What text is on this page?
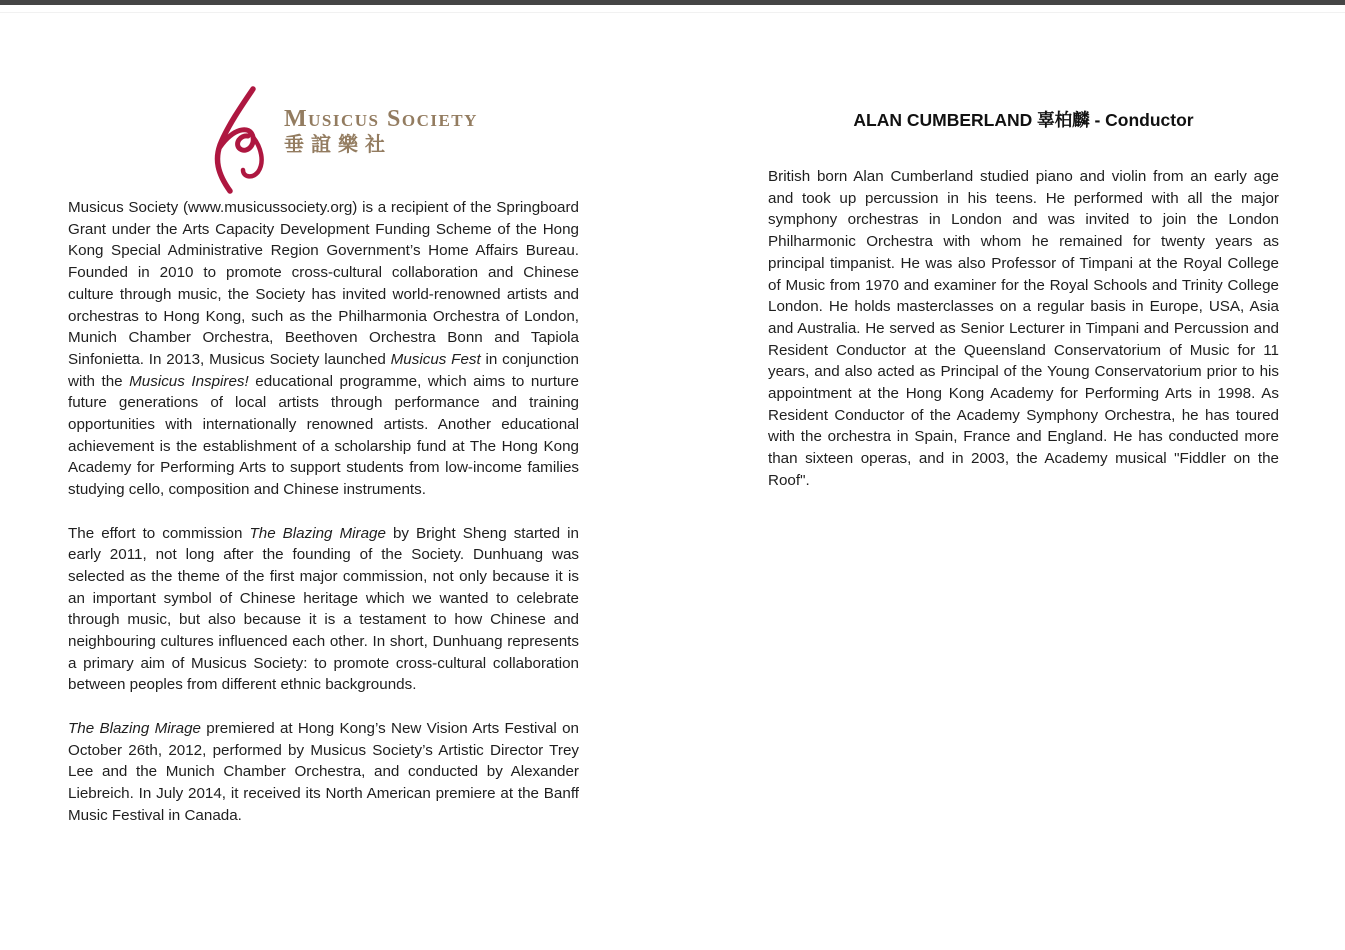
Musicus Society
垂誼樂社

Musicus Society (www.musicussociety.org) is a recipient of the Springboard Grant under the Arts Capacity Development Funding Scheme of the Hong Kong Special Administrative Region Government’s Home Affairs Bureau. Founded in 2010 to promote cross-cultural collaboration and Chinese culture through music, the Society has invited world-renowned artists and orchestras to Hong Kong, such as the Philharmonia Orchestra of London, Munich Chamber Orchestra, Beethoven Orchestra Bonn and Tapiola Sinfonietta. In 2013, Musicus Society launched Musicus Fest in conjunction with the Musicus Inspires! educational programme, which aims to nurture future generations of local artists through performance and training opportunities with internationally renowned artists. Another educational achievement is the establishment of a scholarship fund at The Hong Kong Academy for Performing Arts to support students from low-income families studying cello, composition and Chinese instruments.

The effort to commission The Blazing Mirage by Bright Sheng started in early 2011, not long after the founding of the Society. Dunhuang was selected as the theme of the first major commission, not only because it is an important symbol of Chinese heritage which we wanted to celebrate through music, but also because it is a testament to how Chinese and neighbouring cultures influenced each other. In short, Dunhuang represents a primary aim of Musicus Society: to promote cross-cultural collaboration between peoples from different ethnic backgrounds.

The Blazing Mirage premiered at Hong Kong’s New Vision Arts Festival on October 26th, 2012, performed by Musicus Society’s Artistic Director Trey Lee and the Munich Chamber Orchestra, and conducted by Alexander Liebreich. In July 2014, it received its North American premiere at the Banff Music Festival in Canada.

ALAN CUMBERLAND 辜柏麟 - Conductor

British born Alan Cumberland studied piano and violin from an early age and took up percussion in his teens. He performed with all the major symphony orchestras in London and was invited to join the London Philharmonic Orchestra with whom he remained for twenty years as principal timpanist. He was also Professor of Timpani at the Royal College of Music from 1970 and examiner for the Royal Schools and Trinity College London. He holds masterclasses on a regular basis in Europe, USA, Asia and Australia. He served as Senior Lecturer in Timpani and Percussion and Resident Conductor at the Queensland Conservatorium of Music for 11 years, and also acted as Principal of the Young Conservatorium prior to his appointment at the Hong Kong Academy for Performing Arts in 1998. As Resident Conductor of the Academy Symphony Orchestra, he has toured with the orchestra in Spain, France and England. He has conducted more than sixteen operas, and in 2003, the Academy musical "Fiddler on the Roof".
